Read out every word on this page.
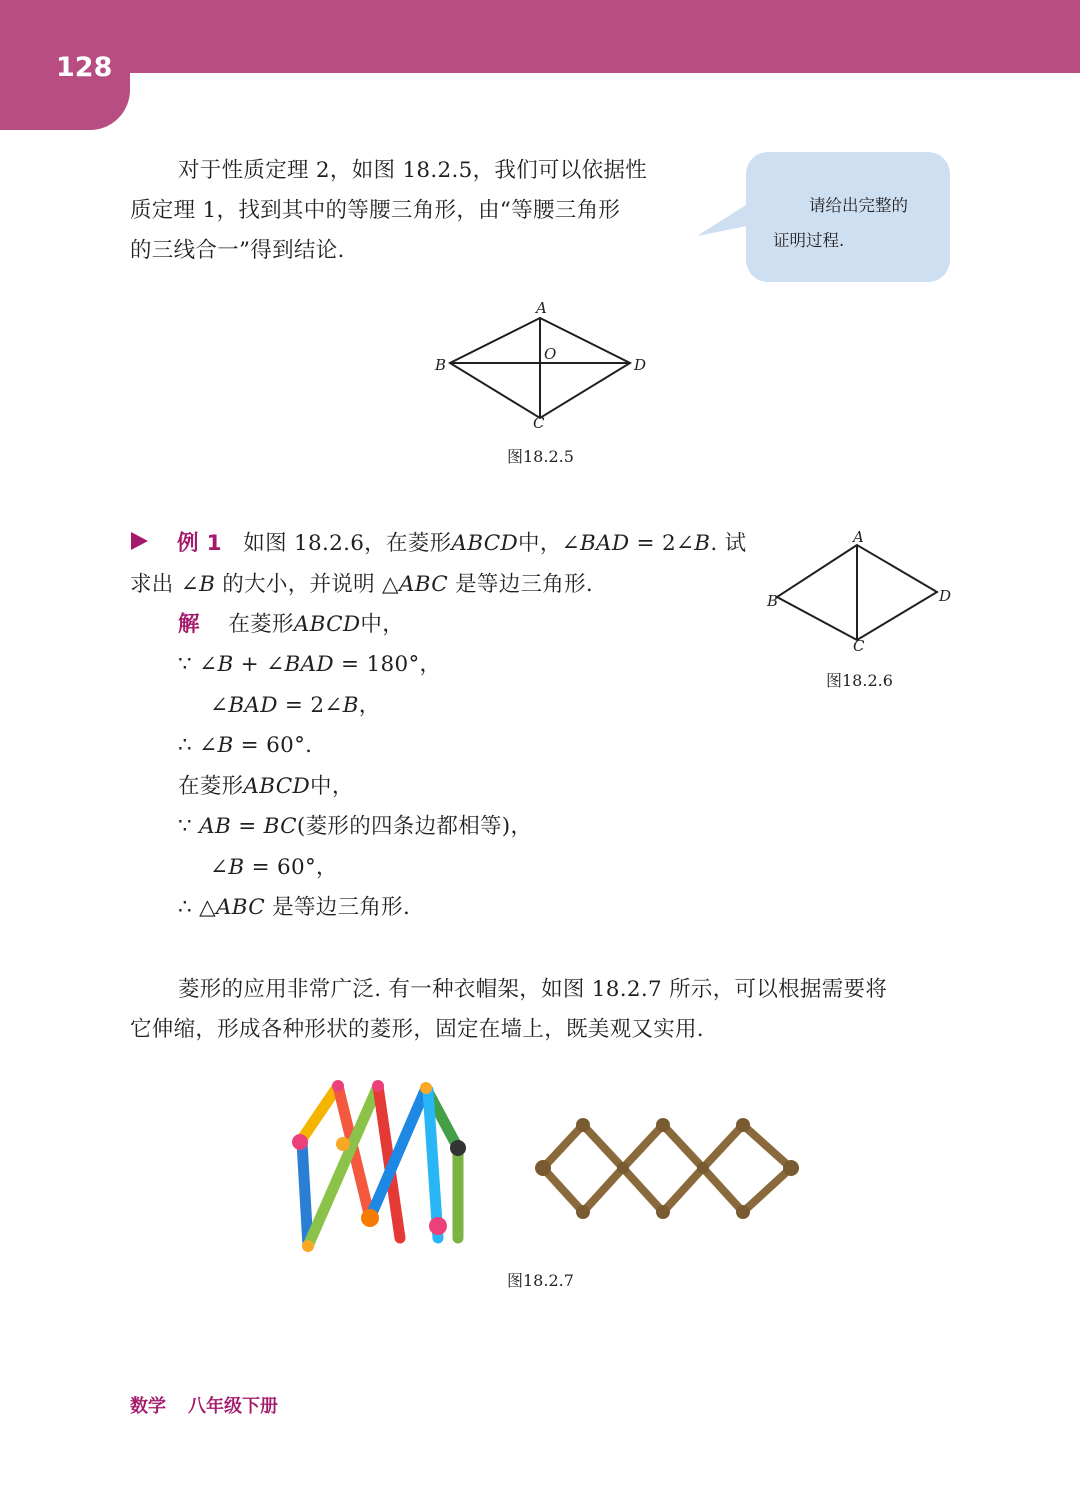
128
对于性质定理 2，如图 18.2.5，我们可以依据性
质定理 1，找到其中的等腰三角形，由“等腰三角形
的三线合一”得到结论.
请给出完整的
证明过程.
A
B
C
D
O
图18.2.5
例 1 如图 18.2.6，在菱形ABCD中，∠BAD = 2∠B. 试
求出 ∠B 的大小，并说明 △ABC 是等边三角形.
解 在菱形ABCD中，
∵ ∠B + ∠BAD = 180°，
∠BAD = 2∠B，
∴ ∠B = 60°.
在菱形ABCD中，
∵ AB = BC(菱形的四条边都相等)，
∠B = 60°，
∴ △ABC 是等边三角形.
A
B
C
D
图18.2.6
菱形的应用非常广泛. 有一种衣帽架，如图 18.2.7 所示，可以根据需要将
它伸缩，形成各种形状的菱形，固定在墙上，既美观又实用.
图18.2.7
数学 八年级下册
